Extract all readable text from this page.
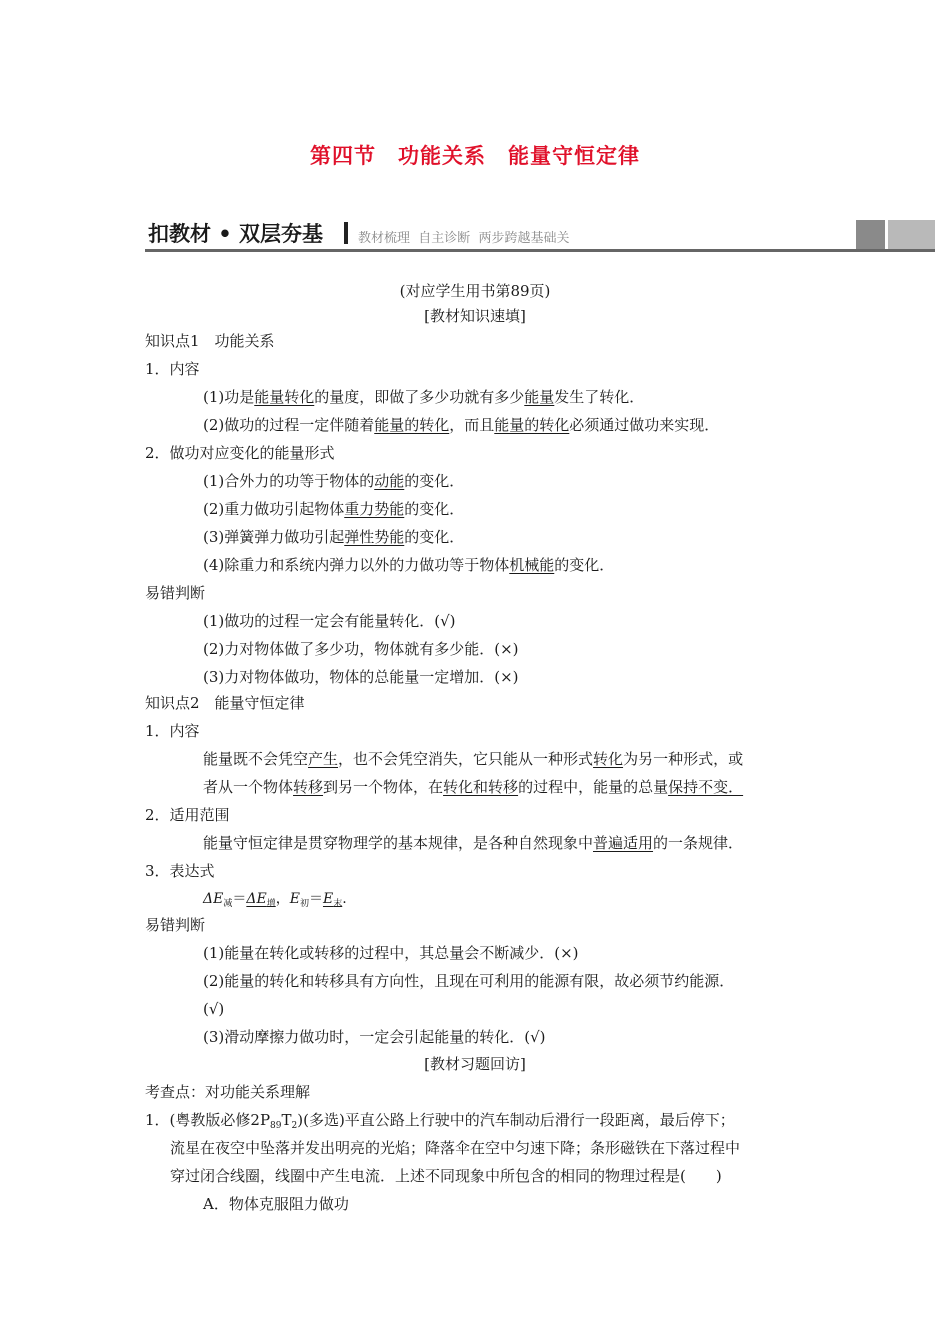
第四节　功能关系　能量守恒定律
扣教材 • 双层夯基	教材梳理  自主诊断  两步跨越基础关
(对应学生用书第89页)
[教材知识速填]
知识点1　功能关系
1．内容
(1)功是能量转化的量度，即做了多少功就有多少能量发生了转化．
(2)做功的过程一定伴随着能量的转化，而且能量的转化必须通过做功来实现．
2．做功对应变化的能量形式
(1)合外力的功等于物体的动能的变化．
(2)重力做功引起物体重力势能的变化．
(3)弹簧弹力做功引起弹性势能的变化．
(4)除重力和系统内弹力以外的力做功等于物体机械能的变化．
易错判断
(1)做功的过程一定会有能量转化．(√)
(2)力对物体做了多少功，物体就有多少能．(×)
(3)力对物体做功，物体的总能量一定增加．(×)
知识点2　能量守恒定律
1．内容
能量既不会凭空产生，也不会凭空消失，它只能从一种形式转化为另一种形式，或
者从一个物体转移到另一个物体，在转化和转移的过程中，能量的总量保持不变．
2．适用范围
能量守恒定律是贯穿物理学的基本规律，是各种自然现象中普遍适用的一条规律．
3．表达式
$\Delta E_减=\Delta E_增$，$E_初=E_末$.
易错判断
(1)能量在转化或转移的过程中，其总量会不断减少．(×)
(2)能量的转化和转移具有方向性，且现在可利用的能源有限，故必须节约能源．
(√)
(3)滑动摩擦力做功时，一定会引起能量的转化．(√)
[教材习题回访]
考查点：对功能关系理解
1．(粤教版必修$2P_{89}T_2$)(多选)平直公路上行驶中的汽车制动后滑行一段距离，最后停下；
流星在夜空中坠落并发出明亮的光焰；降落伞在空中匀速下降；条形磁铁在下落过程中
穿过闭合线圈，线圈中产生电流．上述不同现象中所包含的相同的物理过程是(　　)
A．物体克服阻力做功
